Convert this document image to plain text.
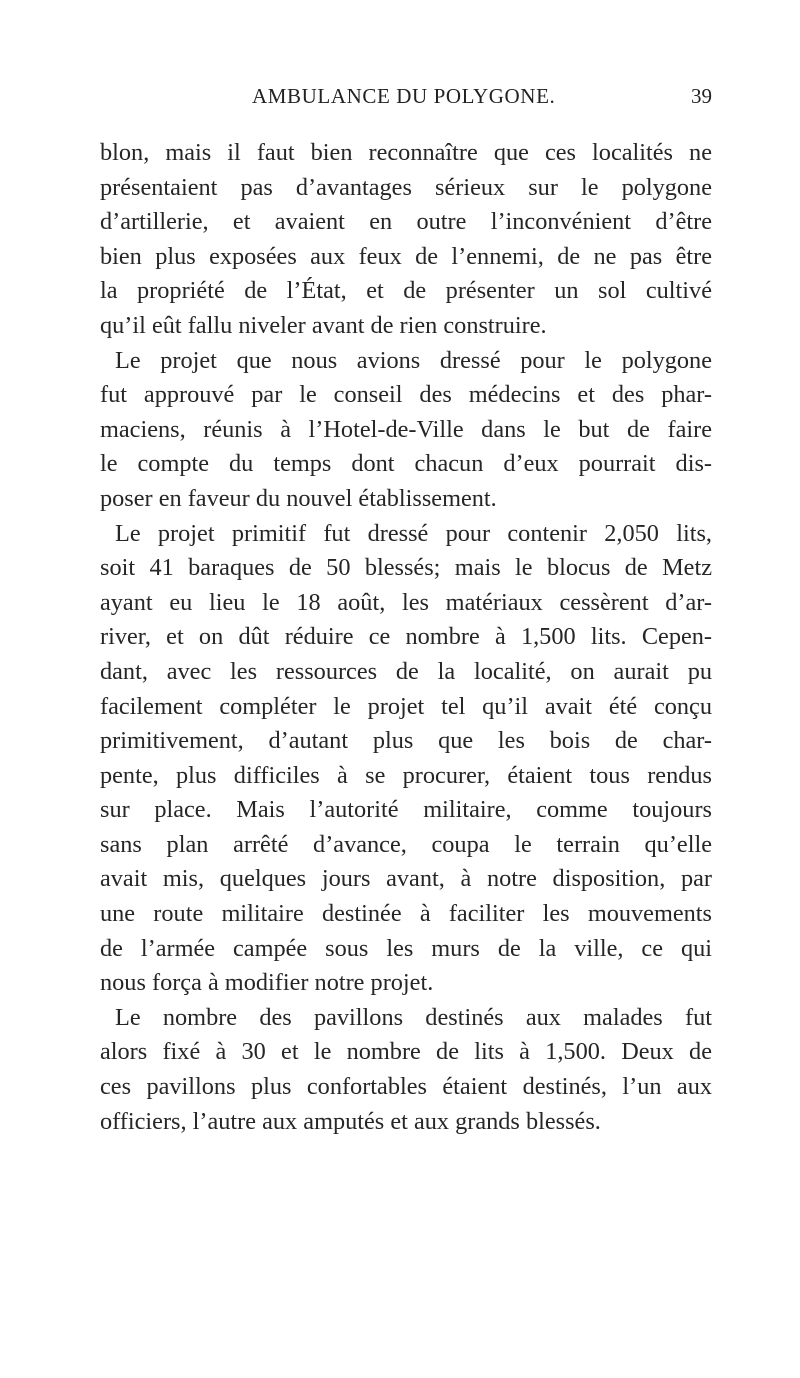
AMBULANCE DU POLYGONE.	39

blon, mais il faut bien reconnaître que ces localités ne

présentaient pas d’avantages sérieux sur le polygone

d’artillerie, et avaient en outre l’inconvénient d’être

bien plus exposées aux feux de l’ennemi, de ne pas être

la propriété de l’État, et de présenter un sol cultivé

qu’il eût fallu niveler avant de rien construire.

Le projet que nous avions dressé pour le polygone

fut approuvé par le conseil des médecins et des phar-

maciens, réunis à l’Hotel-de-Ville dans le but de faire

le compte du temps dont chacun d’eux pourrait dis-

poser en faveur du nouvel établissement.

Le projet primitif fut dressé pour contenir 2,050 lits,

soit 41 baraques de 50 blessés; mais le blocus de Metz

ayant eu lieu le 18 août, les matériaux cessèrent d’ar-

river, et on dût réduire ce nombre à 1,500 lits. Cepen-

dant, avec les ressources de la localité, on aurait pu

facilement compléter le projet tel qu’il avait été conçu

primitivement, d’autant plus que les bois de char-

pente, plus difficiles à se procurer, étaient tous rendus

sur place. Mais l’autorité militaire, comme toujours

sans plan arrêté d’avance, coupa le terrain qu’elle

avait mis, quelques jours avant, à notre disposition, par

une route militaire destinée à faciliter les mouvements

de l’armée campée sous les murs de la ville, ce qui

nous força à modifier notre projet.

Le nombre des pavillons destinés aux malades fut

alors fixé à 30 et le nombre de lits à 1,500. Deux de

ces pavillons plus confortables étaient destinés, l’un aux

officiers, l’autre aux amputés et aux grands blessés.
